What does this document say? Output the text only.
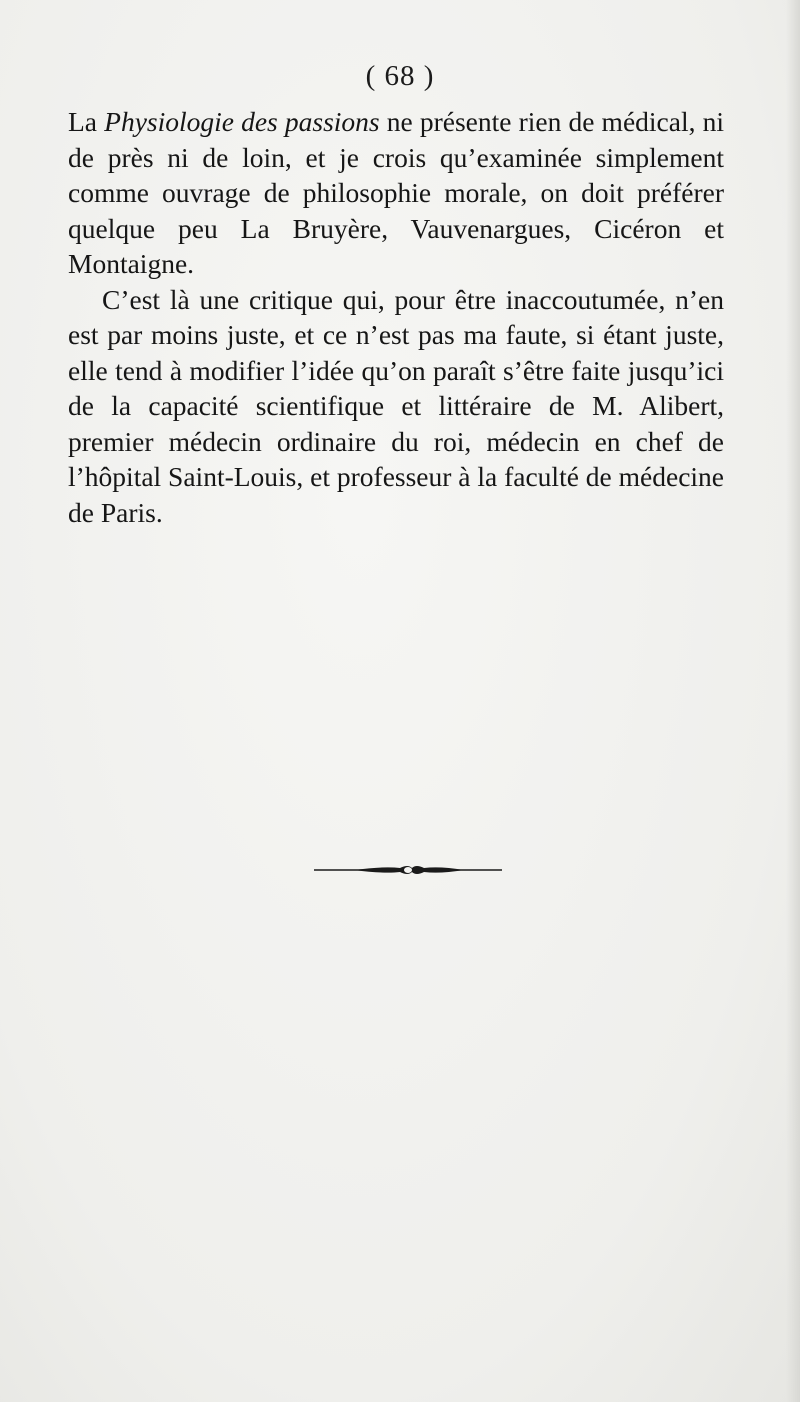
( 68 )

La Physiologie des passions ne présente rien de médical, ni de près ni de loin, et je crois qu’examinée simplement comme ouvrage de philosophie morale, on doit préférer quelque peu La Bruyère, Vauvenargues, Cicéron et Montaigne.

C’est là une critique qui, pour être inaccoutumée, n’en est par moins juste, et ce n’est pas ma faute, si étant juste, elle tend à modifier l’idée qu’on paraît s’être faite jusqu’ici de la capacité scientifique et littéraire de M. Alibert, premier médecin ordinaire du roi, médecin en chef de l’hôpital Saint-Louis, et professeur à la faculté de médecine de Paris.
